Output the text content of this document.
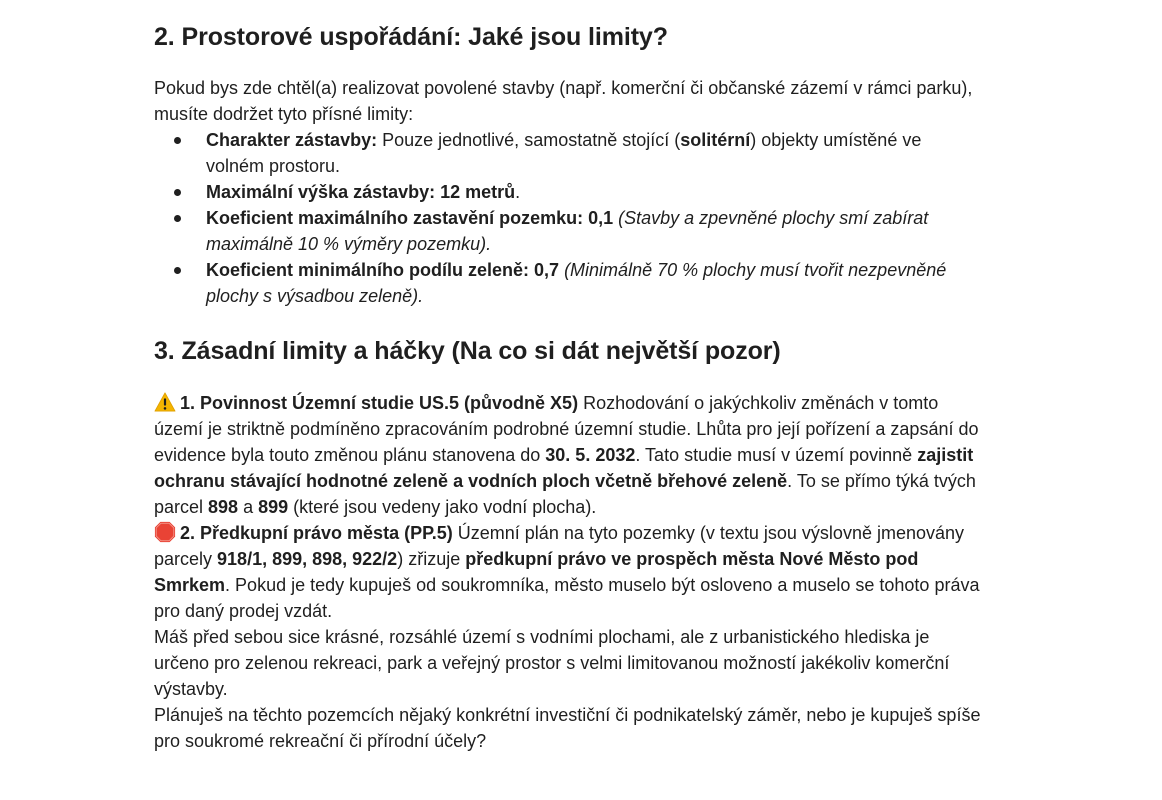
2. Prostorové uspořádání: Jaké jsou limity?

Pokud bys zde chtěl(a) realizovat povolené stavby (např. komerční či občanské zázemí v rámci parku), musíte dodržet tyto přísné limity:

Charakter zástavby: Pouze jednotlivé, samostatně stojící (solitérní) objekty umístěné ve volném prostoru.
Maximální výška zástavby: 12 metrů.
Koeficient maximálního zastavění pozemku: 0,1 (Stavby a zpevněné plochy smí zabírat maximálně 10 % výměry pozemku).
Koeficient minimálního podílu zeleně: 0,7 (Minimálně 70 % plochy musí tvořit nezpevněné plochy s výsadbou zeleně).
3. Zásadní limity a háčky (Na co si dát největší pozor)

1. Povinnost Územní studie US.5 (původně X5) Rozhodování o jakýchkoliv změnách v tomto území je striktně podmíněno zpracováním podrobné územní studie. Lhůta pro její pořízení a zapsání do evidence byla touto změnou plánu stanovena do 30. 5. 2032. Tato studie musí v území povinně zajistit ochranu stávající hodnotné zeleně a vodních ploch včetně břehové zeleně. To se přímo týká tvých parcel 898 a 899 (které jsou vedeny jako vodní plocha).

2. Předkupní právo města (PP.5) Územní plán na tyto pozemky (v textu jsou výslovně jmenovány parcely 918/1, 899, 898, 922/2) zřizuje předkupní právo ve prospěch města Nové Město pod Smrkem. Pokud je tedy kupuješ od soukromníka, město muselo být osloveno a muselo se tohoto práva pro daný prodej vzdát.

Máš před sebou sice krásné, rozsáhlé území s vodními plochami, ale z urbanistického hlediska je určeno pro zelenou rekreaci, park a veřejný prostor s velmi limitovanou možností jakékoliv komerční výstavby.

Plánuješ na těchto pozemcích nějaký konkrétní investiční či podnikatelský záměr, nebo je kupuješ spíše pro soukromé rekreační či přírodní účely?
